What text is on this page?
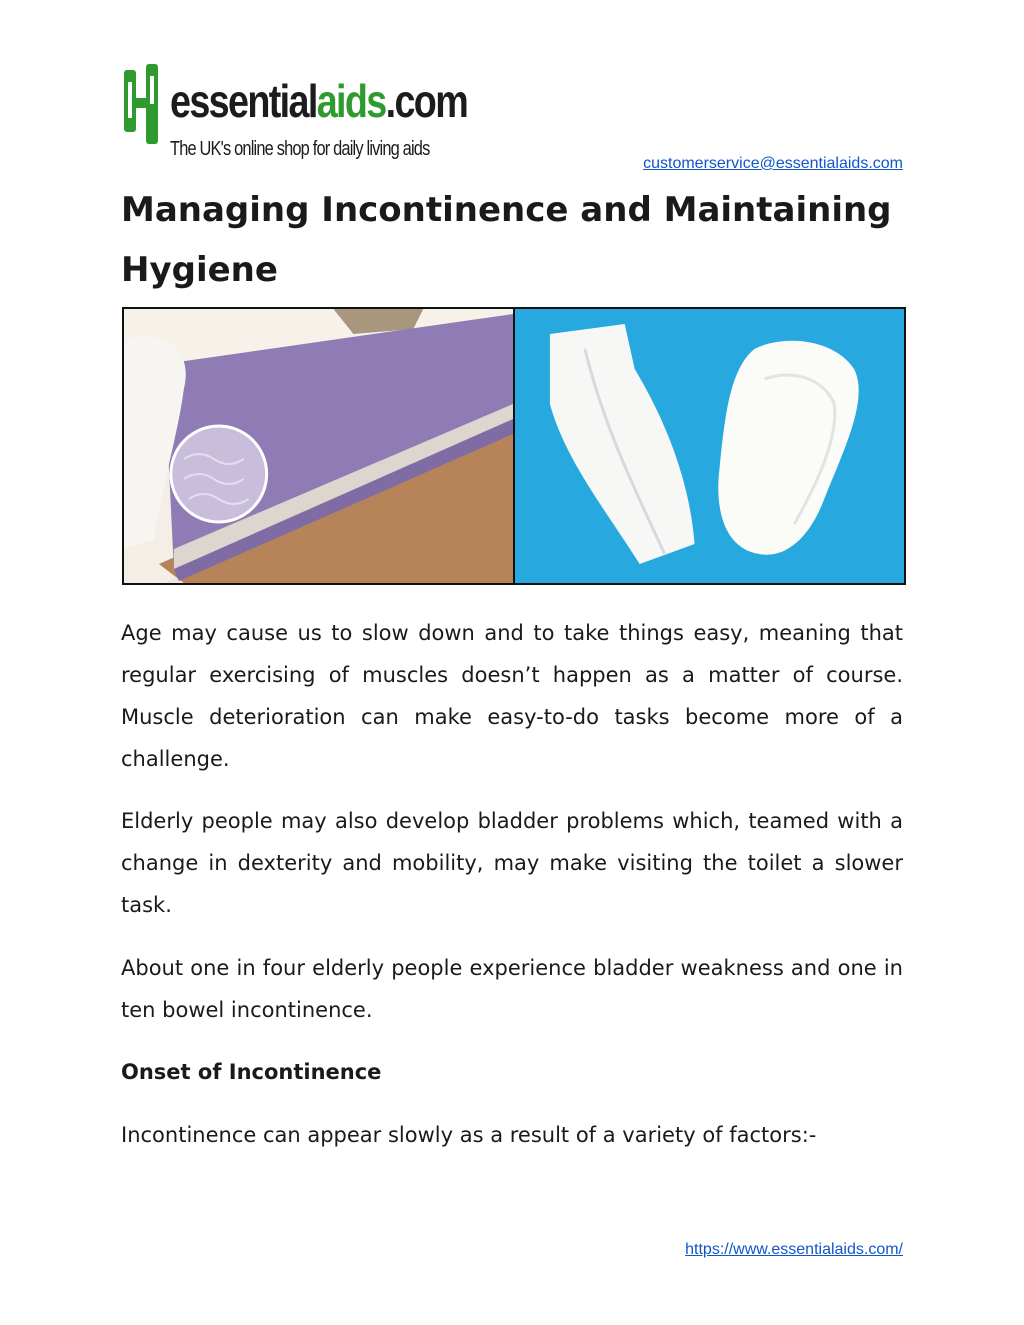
essentialaids.com
The UK's online shop for daily living aids
customerservice@essentialaids.com
Managing Incontinence and Maintaining Hygiene

Age may cause us to slow down and to take things easy, meaning that regular exercising of muscles doesn’t happen as a matter of course. Muscle deterioration can make easy-to-do tasks become more of a challenge.

Elderly people may also develop bladder problems which, teamed with a change in dexterity and mobility, may make visiting the toilet a slower task.

About one in four elderly people experience bladder weakness and one in ten bowel incontinence.

Onset of Incontinence

Incontinence can appear slowly as a result of a variety of factors:-

https://www.essentialaids.com/
